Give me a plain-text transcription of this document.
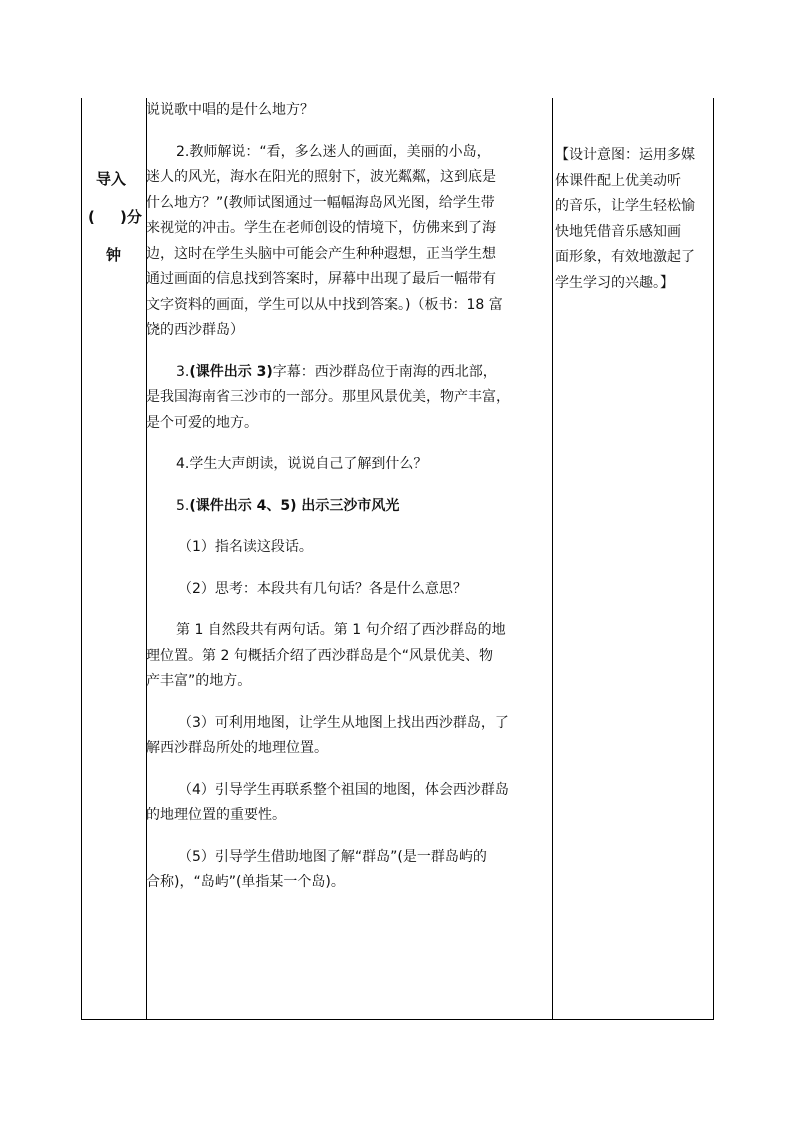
导入
( )分
钟

说说歌中唱的是什么地方？

2.教师解说：“看，多么迷人的画面，美丽的小岛，

迷人的风光，海水在阳光的照射下，波光粼粼，这到底是

什么地方？”(教师试图通过一幅幅海岛风光图，给学生带

来视觉的冲击。学生在老师创设的情境下，仿佛来到了海

边，这时在学生头脑中可能会产生种种遐想，正当学生想

通过画面的信息找到答案时，屏幕中出现了最后一幅带有

文字资料的画面，学生可以从中找到答案。)（板书：18 富

饶的西沙群岛）

3.(课件出示 3)字幕：西沙群岛位于南海的西北部，

是我国海南省三沙市的一部分。那里风景优美，物产丰富，

是个可爱的地方。

4.学生大声朗读，说说自己了解到什么？

5.(课件出示 4、5) 出示三沙市风光

（1）指名读这段话。

（2）思考：本段共有几句话？各是什么意思？

第 1 自然段共有两句话。第 1 句介绍了西沙群岛的地

理位置。第 2 句概括介绍了西沙群岛是个“风景优美、物

产丰富”的地方。

（3）可利用地图，让学生从地图上找出西沙群岛，了

解西沙群岛所处的地理位置。

（4）引导学生再联系整个祖国的地图，体会西沙群岛

的地理位置的重要性。

（5）引导学生借助地图了解“群岛”(是一群岛屿的

合称)，“岛屿”(单指某一个岛)。

【设计意图：运用多媒
体课件配上优美动听
的音乐，让学生轻松愉
快地凭借音乐感知画
面形象，有效地激起了
学生学习的兴趣。】
